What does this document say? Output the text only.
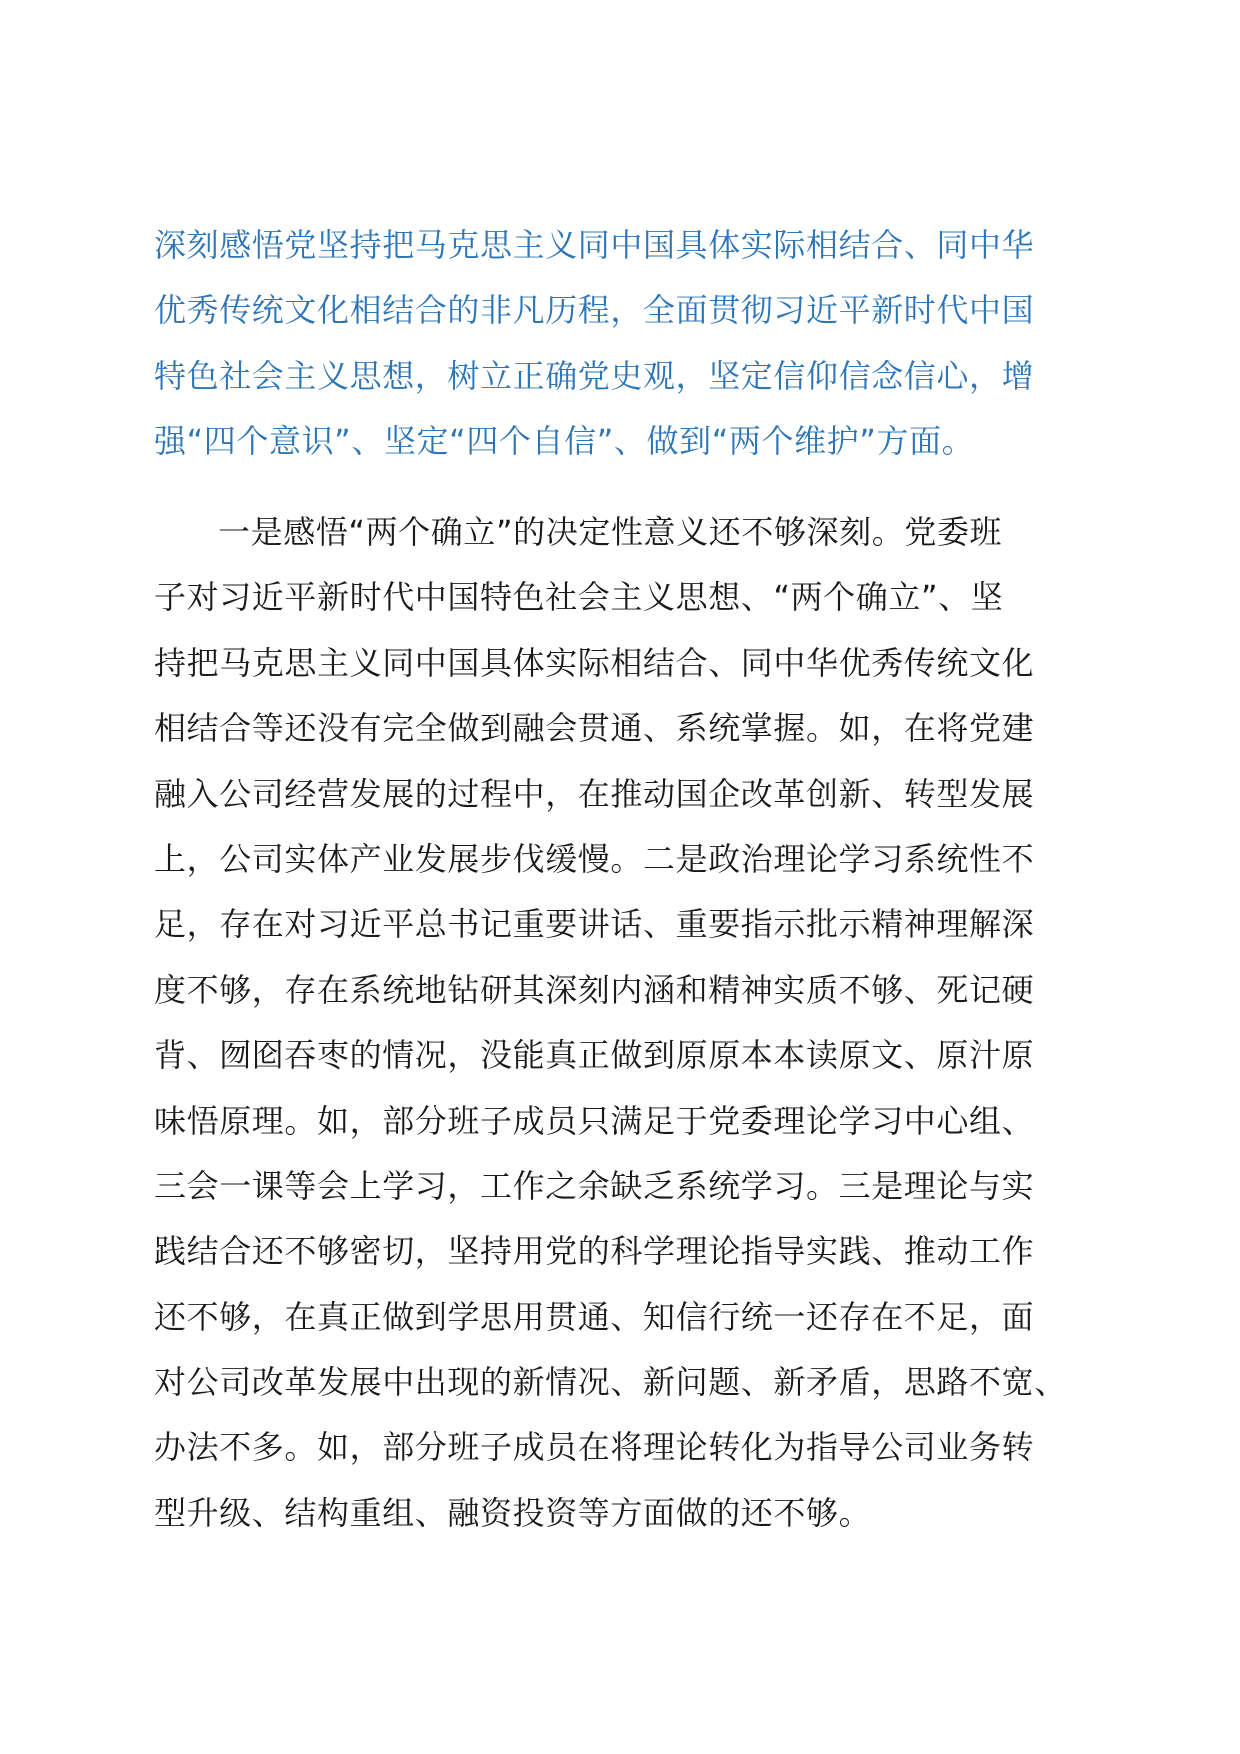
深刻感悟党坚持把马克思主义同中国具体实际相结合、同中华
优秀传统文化相结合的非凡历程，全面贯彻习近平新时代中国
特色社会主义思想，树立正确党史观，坚定信仰信念信心，增
强“四个意识”、坚定“四个自信”、做到“两个维护”方面。
一是感悟“两个确立”的决定性意义还不够深刻。党委班
子对习近平新时代中国特色社会主义思想、“两个确立”、坚
持把马克思主义同中国具体实际相结合、同中华优秀传统文化
相结合等还没有完全做到融会贯通、系统掌握。如，在将党建
融入公司经营发展的过程中，在推动国企改革创新、转型发展
上，公司实体产业发展步伐缓慢。二是政治理论学习系统性不
足，存在对习近平总书记重要讲话、重要指示批示精神理解深
度不够，存在系统地钻研其深刻内涵和精神实质不够、死记硬
背、囫囵吞枣的情况，没能真正做到原原本本读原文、原汁原
味悟原理。如，部分班子成员只满足于党委理论学习中心组、
三会一课等会上学习，工作之余缺乏系统学习。三是理论与实
践结合还不够密切，坚持用党的科学理论指导实践、推动工作
还不够，在真正做到学思用贯通、知信行统一还存在不足，面
对公司改革发展中出现的新情况、新问题、新矛盾，思路不宽、
办法不多。如，部分班子成员在将理论转化为指导公司业务转
型升级、结构重组、融资投资等方面做的还不够。
